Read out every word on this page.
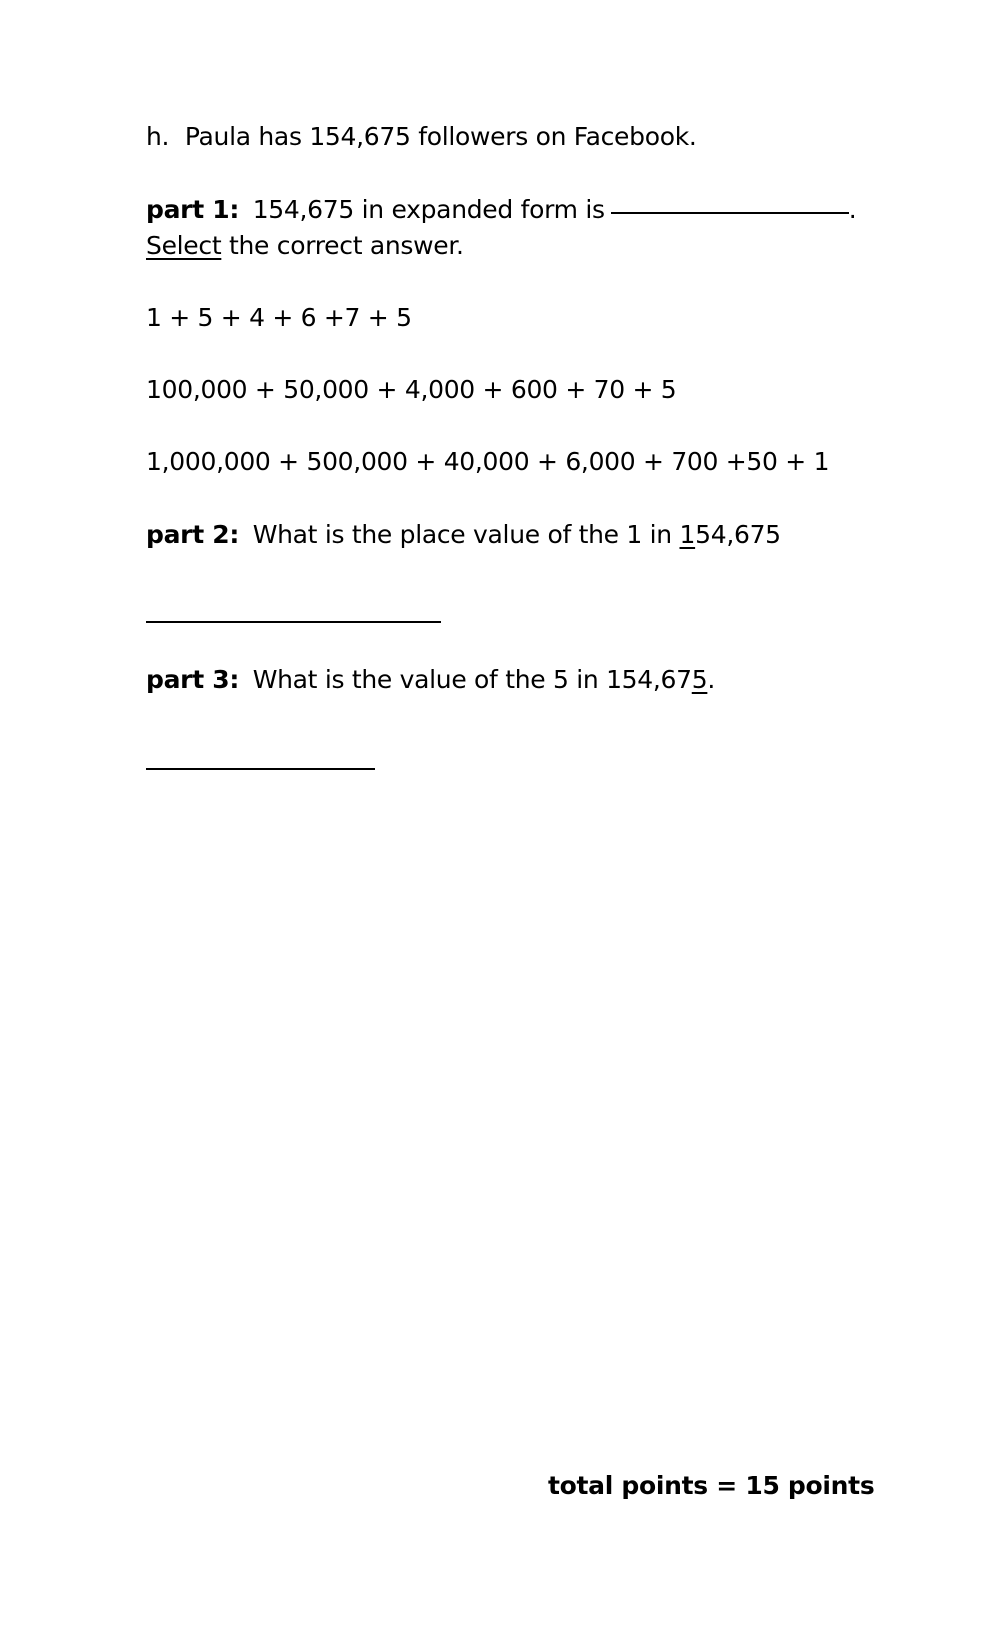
h. Paula has 154,675 followers on Facebook.
part 1: 154,675 in expanded form is	.
Select the correct answer.
1 + 5 + 4 + 6 +7 + 5
100,000 + 50,000 + 4,000 + 600 + 70 + 5
1,000,000 + 500,000 + 40,000 + 6,000 + 700 +50 + 1
part 2: What is the place value of the 1 in 154,675
part 3: What is the value of the 5 in 154,675.
total points = 15 points
